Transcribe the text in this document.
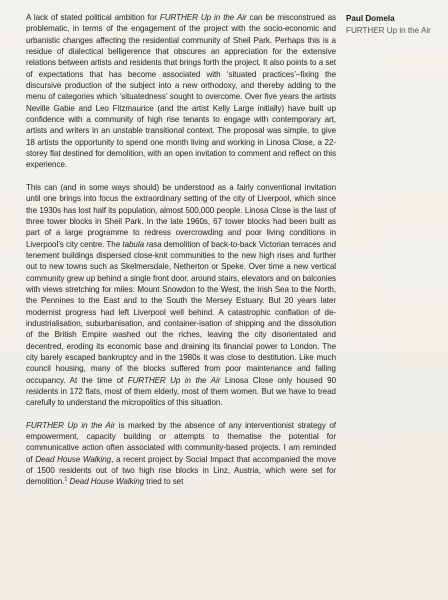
A lack of stated political ambition for FURTHER Up in the Air can be misconstrued as problematic, in terms of the engagement of the project with the socio-economic and urbanistic changes affecting the residential community of Sheil Park. Perhaps this is a residue of dialectical belligerence that obscures an appreciation for the extensive relations between artists and residents that brings forth the project. It also points to a set of expectations that has become associated with ‘situated practices’–fixing the discursive production of the subject into a new orthodoxy, and thereby adding to the menu of categories which ‘situatedness’ sought to overcome. Over five years the artists Neville Gabie and Leo Fitzmaurice (and the artist Kelly Large initially) have built up confidence with a community of high rise tenants to engage with contemporary art, artists and writers in an unstable transitional context. The proposal was simple, to give 18 artists the opportunity to spend one month living and working in Linosa Close, a 22-storey flat destined for demolition, with an open invitation to comment and reflect on this experience.

This can (and in some ways should) be understood as a fairly conventional invitation until one brings into focus the extraordinary setting of the city of Liverpool, which since the 1930s has lost half its population, almost 500,000 people. Linosa Close is the last of three tower blocks in Sheil Park. In the late 1960s, 67 tower blocks had been built as part of a large programme to redress overcrowding and poor living conditions in Liverpool’s city centre. The tabula rasa demolition of back-to-back Victorian terraces and tenement buildings dispersed close-knit communities to the new high rises and further out to new towns such as Skelmersdale, Netherton or Speke. Over time a new vertical community grew up behind a single front door, around stairs, elevators and on balconies with views stretching for miles: Mount Snowdon to the West, the Irish Sea to the North, the Pennines to the East and to the South the Mersey Estuary. But 20 years later modernist progress had left Liverpool well behind. A catastrophic conflation of de-industrialisation, suburbanisation, and container-isation of shipping and the dissolution of the British Empire washed out the riches, leaving the city disorientated and decentred, eroding its economic base and draining its financial power to London. The city barely escaped bankruptcy and in the 1980s it was close to destitution. Like much council housing, many of the blocks suffered from poor maintenance and falling occupancy. At the time of FURTHER Up in the Air Linosa Close only housed 90 residents in 172 flats, most of them elderly, most of them women. But we have to tread carefully to understand the micropolitics of this situation.

FURTHER Up in the Air is marked by the absence of any interventionist strategy of empowerment, capacity building or attempts to thematise the potential for communicative action often associated with community-based projects. I am reminded of Dead House Walking, a recent project by Social Impact that accompanied the move of 1500 residents out of two high rise blocks in Linz, Austria, which were set for demolition.$^1$ Dead House Walking tried to set

Paul Domela
FURTHER Up in the Air
